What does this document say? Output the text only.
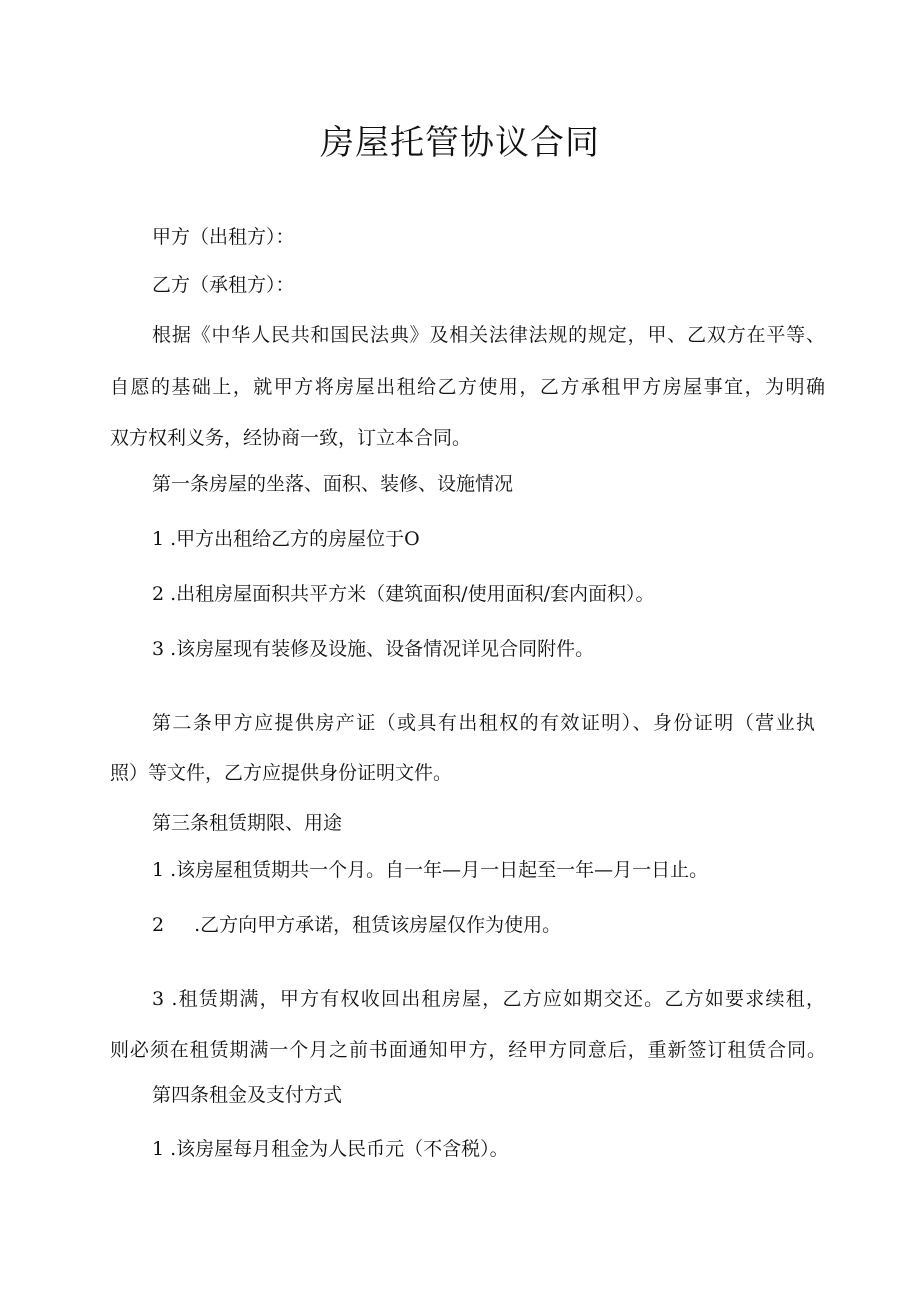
房屋托管协议合同

甲方（出租方）：

乙方（承租方）：

根据《中华人民共和国民法典》及相关法律法规的规定，甲、乙双方在平等、

自愿的基础上，就甲方将房屋出租给乙方使用，乙方承租甲方房屋事宜，为明确

双方权利义务，经协商一致，订立本合同。

第一条房屋的坐落、面积、装修、设施情况

1 .甲方出租给乙方的房屋位于O

2 .出租房屋面积共平方米（建筑面积/使用面积/套内面积）。

3 .该房屋现有装修及设施、设备情况详见合同附件。

第二条甲方应提供房产证（或具有出租权的有效证明）、身份证明（营业执

照）等文件，乙方应提供身份证明文件。

第三条租赁期限、用途

1 .该房屋租赁期共一个月。自一年—月一日起至一年—月一日止。

2 .乙方向甲方承诺，租赁该房屋仅作为使用。

3 .租赁期满，甲方有权收回出租房屋，乙方应如期交还。乙方如要求续租，

则必须在租赁期满一个月之前书面通知甲方，经甲方同意后，重新签订租赁合同。

第四条租金及支付方式

1 .该房屋每月租金为人民币元（不含税）。
